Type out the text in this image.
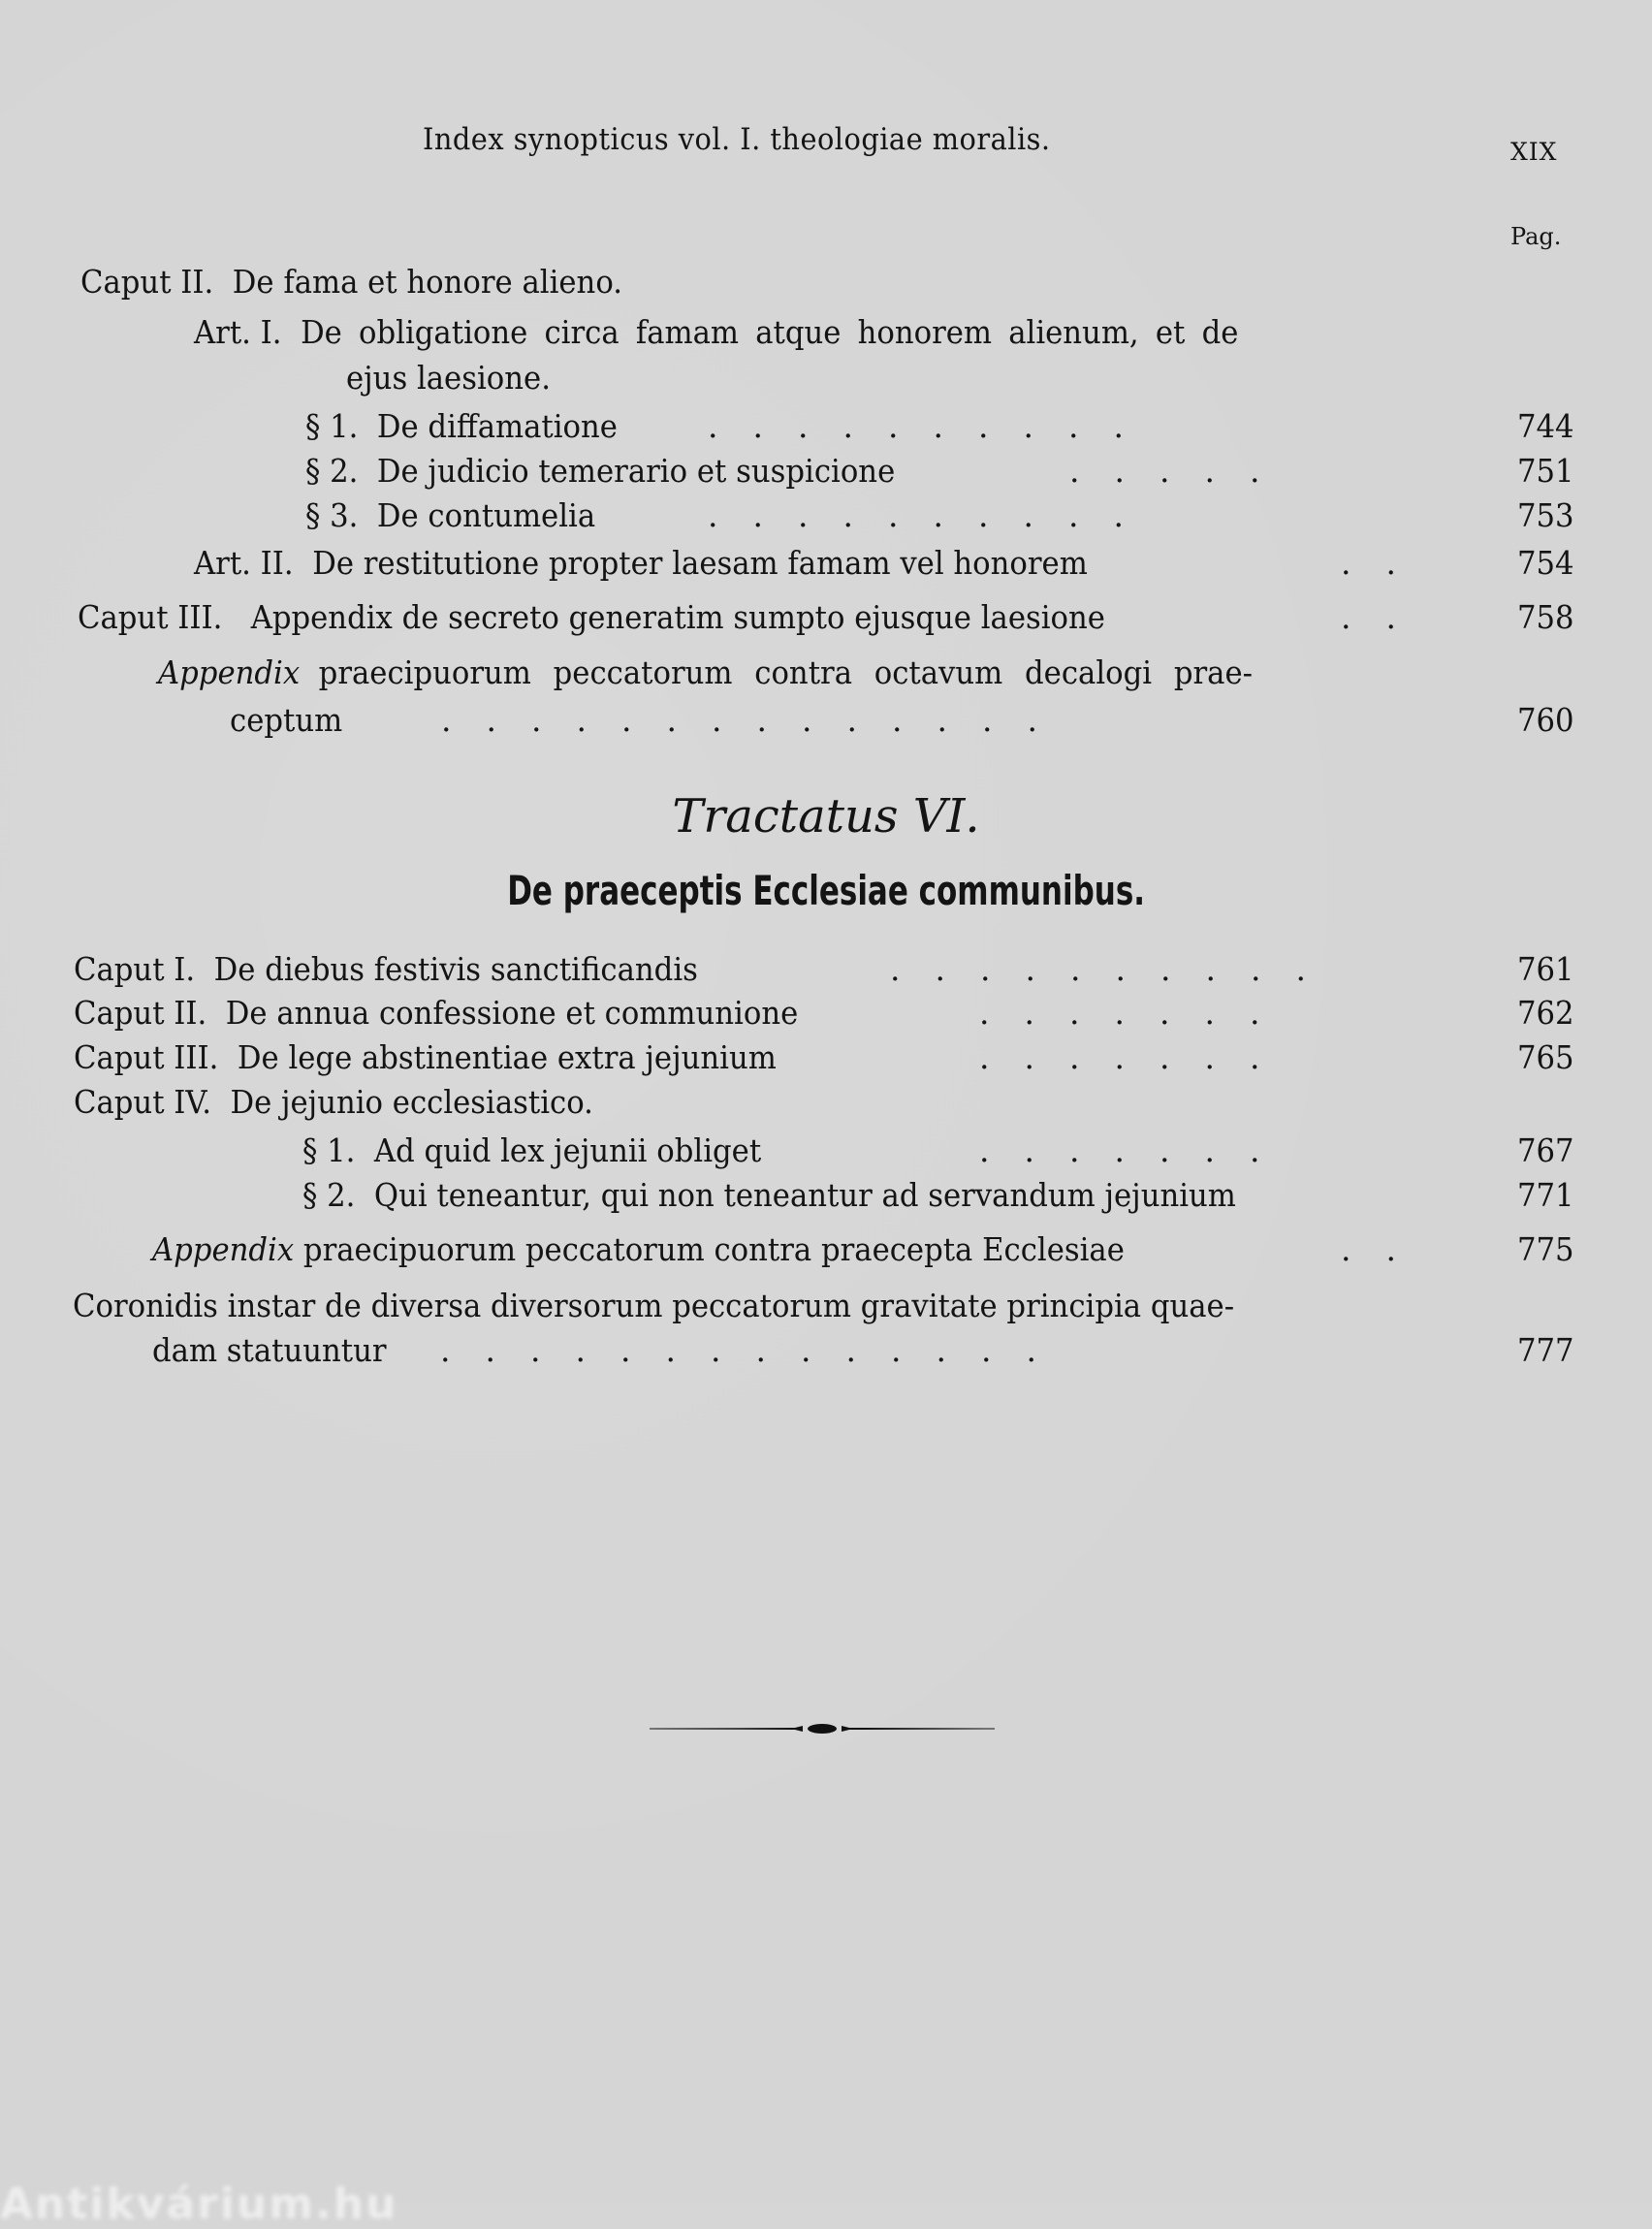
Index synopticus vol. I. theologiae moralis.	XIX
Pag.
Caput II. De fama et honore alieno.
Art. I. De obligatione circa famam atque honorem alienum, et de
ejus laesione.
§ 1. De diffamatione	. . . . . . . . . .	744
§ 2. De judicio temerario et suspicione	. . . . .	751
§ 3. De contumelia	. . . . . . . . . .	753
Art. II. De restitutione propter laesam famam vel honorem	. .	754
Caput III. Appendix de secreto generatim sumpto ejusque laesione	. .	758
Appendix praecipuorum peccatorum contra octavum decalogi prae-
ceptum	. . . . . . . . . . . . . .	760
Tractatus VI.
De praeceptis Ecclesiae communibus.
Caput I. De diebus festivis sanctificandis	. . . . . . . . . .	761
Caput II. De annua confessione et communione	. . . . . . .	762
Caput III. De lege abstinentiae extra jejunium	. . . . . . .	765
Caput IV. De jejunio ecclesiastico.
§ 1. Ad quid lex jejunii obliget	. . . . . . .	767
§ 2. Qui teneantur, qui non teneantur ad servandum jejunium	771
Appendix praecipuorum peccatorum contra praecepta Ecclesiae	. .	775
Coronidis instar de diversa diversorum peccatorum gravitate principia quae-
dam statuuntur	. . . . . . . . . . . . . .	777
Antikvárium.hu
